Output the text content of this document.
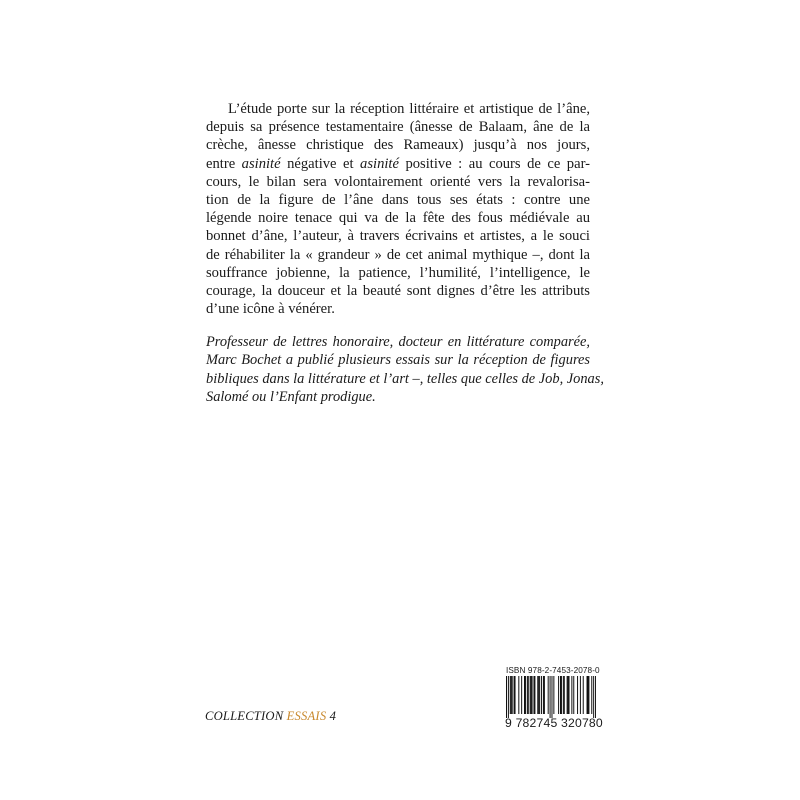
L’étude porte sur la réception littéraire et artistique de l’âne,
depuis sa présence testamentaire (ânesse de Balaam, âne de la
crèche, ânesse christique des Rameaux) jusqu’à nos jours,
entre asinité négative et asinité positive : au cours de ce par-
cours, le bilan sera volontairement orienté vers la revalorisa-
tion de la figure de l’âne dans tous ses états : contre une
légende noire tenace qui va de la fête des fous médiévale au
bonnet d’âne, l’auteur, à travers écrivains et artistes, a le souci
de réhabiliter la « grandeur » de cet animal mythique –, dont la
souffrance jobienne, la patience, l’humilité, l’intelligence, le
courage, la douceur et la beauté sont dignes d’être les attributs
d’une icône à vénérer.
Professeur de lettres honoraire, docteur en littérature comparée,
Marc Bochet a publié plusieurs essais sur la réception de figures
bibliques dans la littérature et l’art –, telles que celles de Job, Jonas,
Salomé ou l’Enfant prodigue.
COLLECTION ESSAIS 4
ISBN 978-2-7453-2078-0
9 782745 320780
